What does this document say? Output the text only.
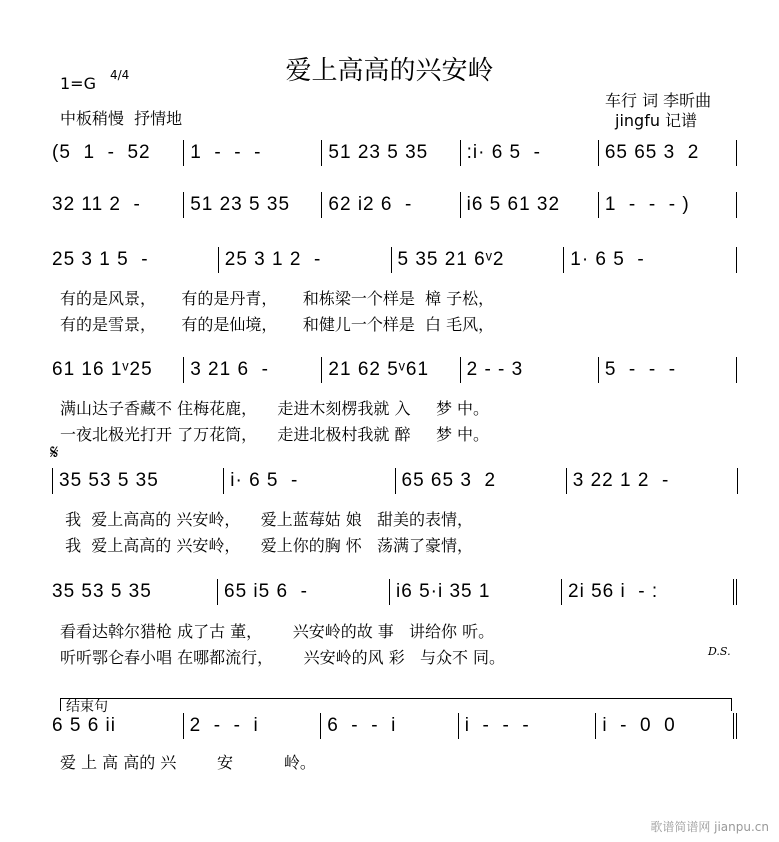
爱上高高的兴安岭
1=G 4/4
中板稍慢  抒情地
车行 词 李昕曲
jingfu 记谱
(5  1  -  52	1  -  -  -	51 23 5 35	:i· 6 5  -	65 65 3  2
32 11 2  -	51 23 5 35	62 i2 6  -	i6 5 61 32	1  -  -  - )
25 3 1 5  -	25 3 1 2  -	5 35 21 6ᵛ2	1· 6 5  -
61 16 1ᵛ25	3 21 6  -	21 62 5ᵛ61	2 - - 3	5  -  -  -
35 53 5 35	i· 6 5  -	65 65 3  2	3 22 1 2  -
35 53 5 35	65 i5 6  -	i6 5·i 35 1	2i 56 i  - :
6 5 6 ii	2  -  -  i	6  -  -  i	i  -  -  -	i  -  0  0
歌谱简谱网 jianpu.cn
有的是风景，     有的是丹青，     和栋梁一个样是  樟 子松，
有的是雪景，     有的是仙境，     和健儿一个样是  白 毛风，
满山达子香藏不 住梅花鹿，    走进木刻楞我就 入     梦 中。
一夜北极光打开 了万花筒，    走进北极村我就 醉     梦 中。
我  爱上高高的 兴安岭，    爱上蓝莓姑 娘   甜美的表情，
我  爱上高高的 兴安岭，    爱上你的胸 怀   荡满了豪情，
𝄋
看看达斡尔猎枪 成了古 董，      兴安岭的故 事   讲给你 听。
听听鄂仑春小唱 在哪都流行，      兴安岭的风 彩   与众不 同。	D.S.
爱 上 高 高的 兴        安          岭。
结束句
